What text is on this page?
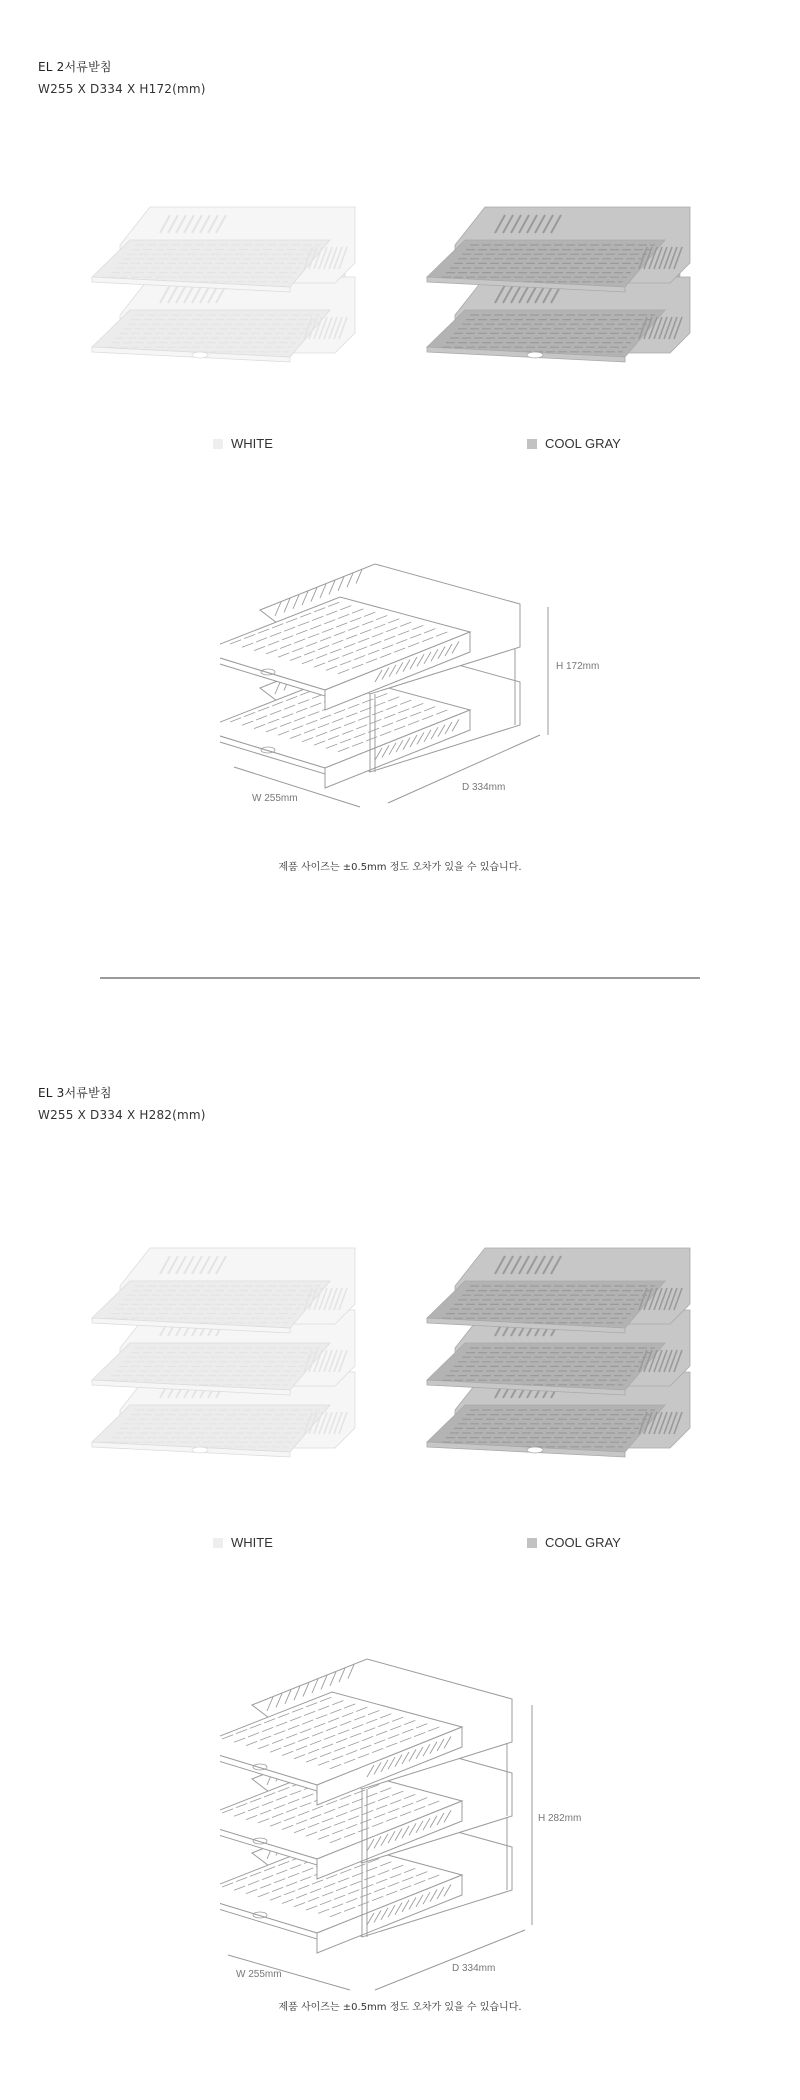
EL 2서류받침
W255 X D334 X H172(mm)
WHITE	COOL GRAY
H 172mm
D 334mm
W 255mm
제품 사이즈는 ±0.5mm 정도 오차가 있을 수 있습니다.
EL 3서류받침
W255 X D334 X H282(mm)
WHITE	COOL GRAY
H 282mm
D 334mm
W 255mm
제품 사이즈는 ±0.5mm 정도 오차가 있을 수 있습니다.
